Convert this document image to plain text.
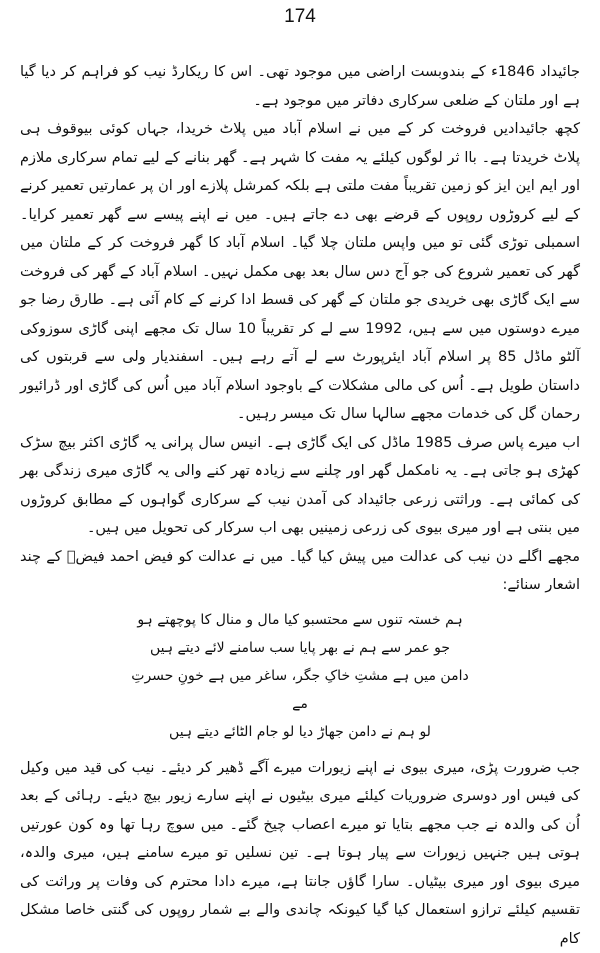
174

جائیداد 1846ء کے بندوبست اراضی میں موجود تھی۔ اس کا ریکارڈ نیب کو فراہم کر دیا گیا ہے اور ملتان کے ضلعی سرکاری دفاتر میں موجود ہے۔

کچھ جائیدادیں فروخت کر کے میں نے اسلام آباد میں پلاٹ خریدا، جہاں کوئی بیوقوف ہی پلاٹ خریدتا ہے۔ باا ثر لوگوں کیلئے یہ مفت کا شہر ہے۔ گھر بنانے کے لیے تمام سرکاری ملازم اور ایم این ایز کو زمین تقریباً مفت ملتی ہے بلکہ کمرشل پلازے اور ان پر عمارتیں تعمیر کرنے کے لیے کروڑوں روپوں کے قرضے بھی دے جاتے ہیں۔ میں نے اپنے پیسے سے گھر تعمیر کرایا۔ اسمبلی توڑی گئی تو میں واپس ملتان چلا گیا۔ اسلام آباد کا گھر فروخت کر کے ملتان میں گھر کی تعمیر شروع کی جو آج دس سال بعد بھی مکمل نہیں۔ اسلام آباد کے گھر کی فروخت سے ایک گاڑی بھی خریدی جو ملتان کے گھر کی قسط ادا کرنے کے کام آئی ہے۔ طارق رضا جو میرے دوستوں میں سے ہیں، 1992 سے لے کر تقریباً 10 سال تک مجھے اپنی گاڑی سوزوکی آلٹو ماڈل 85 پر اسلام آباد ایئرپورٹ سے لے آتے رہے ہیں۔ اسفندیار ولی سے قربتوں کی داستان طویل ہے۔ اُس کی مالی مشکلات کے باوجود اسلام آباد میں اُس کی گاڑی اور ڈرائیور رحمان گل کی خدمات مجھے سالہا سال تک میسر رہیں۔

اب میرے پاس صرف 1985 ماڈل کی ایک گاڑی ہے۔ انیس سال پرانی یہ گاڑی اکثر بیچ سڑک کھڑی ہو جاتی ہے۔ یہ نامکمل گھر اور چلنے سے زیادہ تھر کنے والی یہ گاڑی میری زندگی بھر کی کمائی ہے۔ وراثتی زرعی جائیداد کی آمدن نیب کے سرکاری گواہوں کے مطابق کروڑوں میں بنتی ہے اور میری بیوی کی زرعی زمینیں بھی اب سرکار کی تحویل میں ہیں۔

مجھے اگلے دن نیب کی عدالت میں پیش کیا گیا۔ میں نے عدالت کو فیض احمد فیضؔ کے چند اشعار سنائے:

ہم خستہ تنوں سے محتسبو کیا مال و منال کا پوچھتے ہو
جو عمر سے ہم نے بھر پایا سب سامنے لائے دیتے ہیں
دامن میں ہے مشتِ خاکِ جگر، ساغر میں ہے خونِ حسرتِ مے
لو ہم نے دامن جھاڑ دیا لو جام الٹائے دیتے ہیں

جب ضرورت پڑی، میری بیوی نے اپنے زیورات میرے آگے ڈھیر کر دیئے۔ نیب کی قید میں وکیل کی فیس اور دوسری ضروریات کیلئے میری بیٹیوں نے اپنے سارے زیور بیچ دیئے۔ رہائی کے بعد اُن کی والدہ نے جب مجھے بتایا تو میرے اعصاب چیخ گئے۔ میں سوچ رہا تھا وہ کون عورتیں ہوتی ہیں جنہیں زیورات سے پیار ہوتا ہے۔ تین نسلیں تو میرے سامنے ہیں، میری والدہ، میری بیوی اور میری بیٹیاں۔ سارا گاؤں جانتا ہے، میرے دادا محترم کی وفات پر وراثت کی تقسیم کیلئے ترازو استعمال کیا گیا کیونکہ چاندی والے بے شمار روپوں کی گنتی خاصا مشکل کام
